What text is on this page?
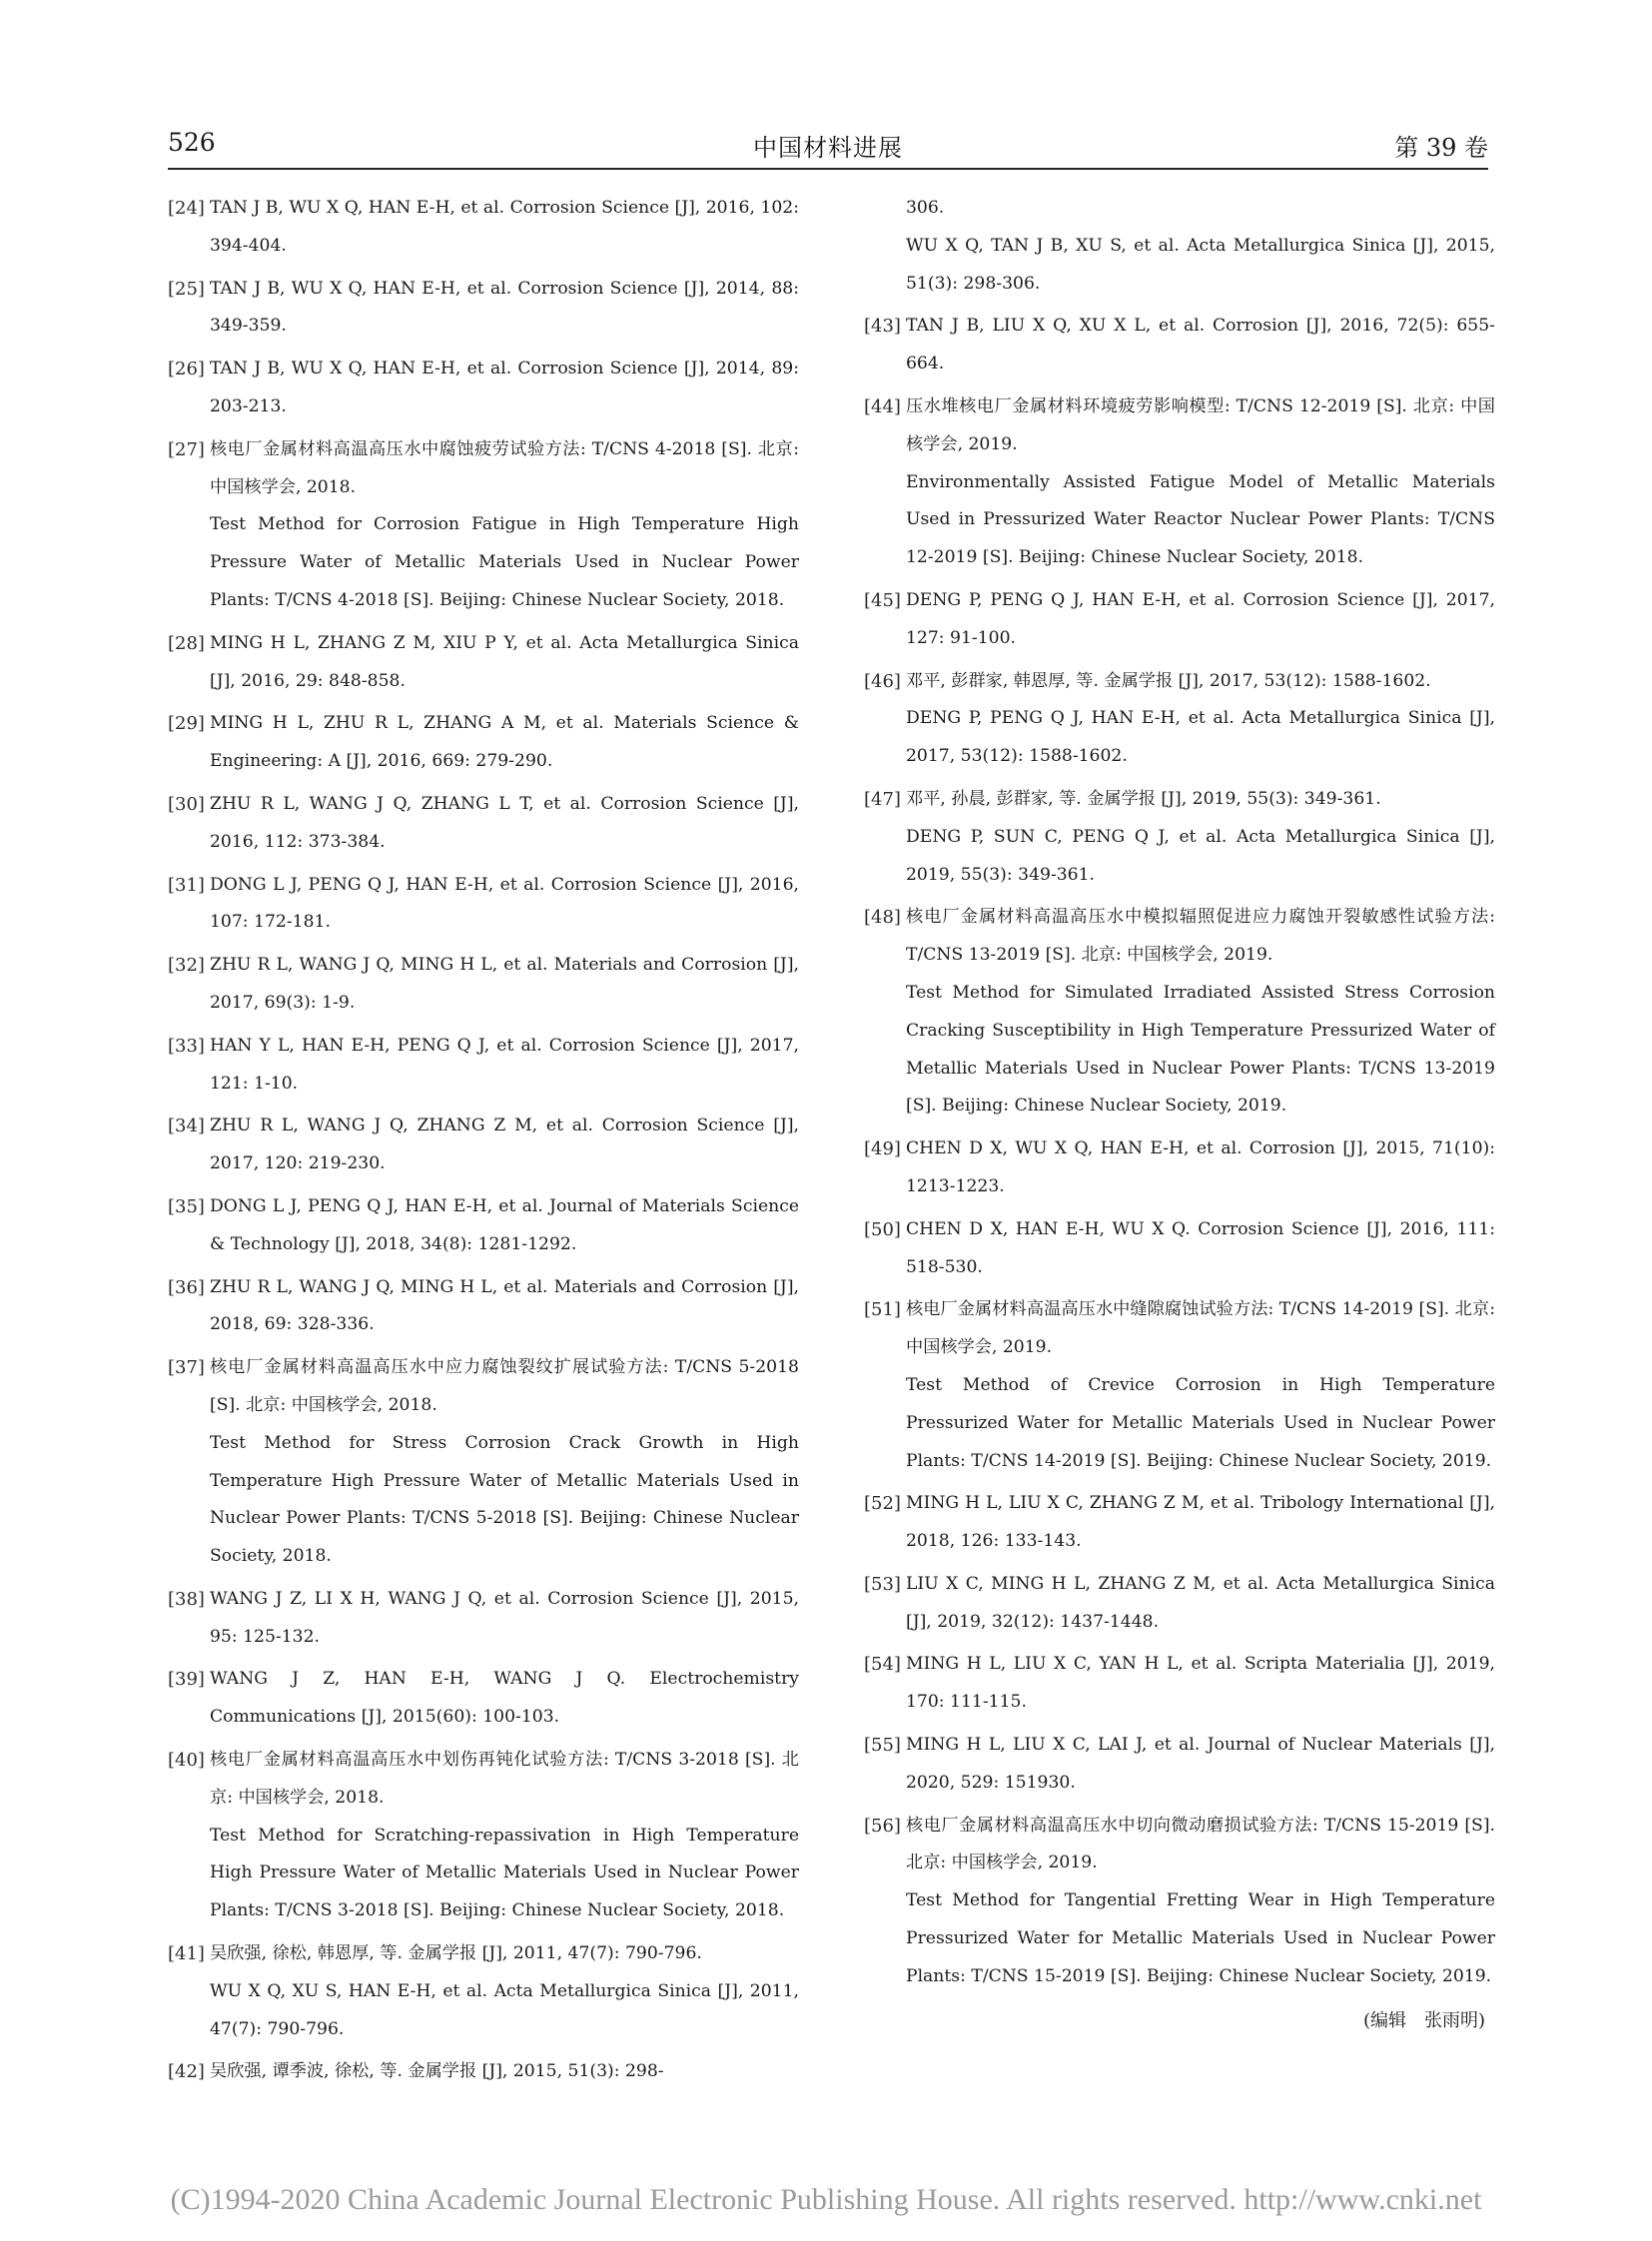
526	中国材料进展	第 39 卷
[24] TAN J B, WU X Q, HAN E-H, et al. Corrosion Science [J], 2016, 102: 394-404.

[25] TAN J B, WU X Q, HAN E-H, et al. Corrosion Science [J], 2014, 88: 349-359.

[26] TAN J B, WU X Q, HAN E-H, et al. Corrosion Science [J], 2014, 89: 203-213.

[27] 核电厂金属材料高温高压水中腐蚀疲劳试验方法: T/CNS 4-2018 [S]. 北京: 中国核学会, 2018.

Test Method for Corrosion Fatigue in High Temperature High Pressure Water of Metallic Materials Used in Nuclear Power Plants: T/CNS 4-2018 [S]. Beijing: Chinese Nuclear Society, 2018.

[28] MING H L, ZHANG Z M, XIU P Y, et al. Acta Metallurgica Sinica [J], 2016, 29: 848-858.

[29] MING H L, ZHU R L, ZHANG A M, et al. Materials Science & Engineering: A [J], 2016, 669: 279-290.

[30] ZHU R L, WANG J Q, ZHANG L T, et al. Corrosion Science [J], 2016, 112: 373-384.

[31] DONG L J, PENG Q J, HAN E-H, et al. Corrosion Science [J], 2016, 107: 172-181.

[32] ZHU R L, WANG J Q, MING H L, et al. Materials and Corrosion [J], 2017, 69(3): 1-9.

[33] HAN Y L, HAN E-H, PENG Q J, et al. Corrosion Science [J], 2017, 121: 1-10.

[34] ZHU R L, WANG J Q, ZHANG Z M, et al. Corrosion Science [J], 2017, 120: 219-230.

[35] DONG L J, PENG Q J, HAN E-H, et al. Journal of Materials Science & Technology [J], 2018, 34(8): 1281-1292.

[36] ZHU R L, WANG J Q, MING H L, et al. Materials and Corrosion [J], 2018, 69: 328-336.

[37] 核电厂金属材料高温高压水中应力腐蚀裂纹扩展试验方法: T/CNS 5-2018 [S]. 北京: 中国核学会, 2018.

Test Method for Stress Corrosion Crack Growth in High Temperature High Pressure Water of Metallic Materials Used in Nuclear Power Plants: T/CNS 5-2018 [S]. Beijing: Chinese Nuclear Society, 2018.

[38] WANG J Z, LI X H, WANG J Q, et al. Corrosion Science [J], 2015, 95: 125-132.

[39] WANG J Z, HAN E-H, WANG J Q. Electrochemistry Communications [J], 2015(60): 100-103.

[40] 核电厂金属材料高温高压水中划伤再钝化试验方法: T/CNS 3-2018 [S]. 北京: 中国核学会, 2018.

Test Method for Scratching-repassivation in High Temperature High Pressure Water of Metallic Materials Used in Nuclear Power Plants: T/CNS 3-2018 [S]. Beijing: Chinese Nuclear Society, 2018.

[41] 吴欣强, 徐松, 韩恩厚, 等. 金属学报 [J], 2011, 47(7): 790-796.

WU X Q, XU S, HAN E-H, et al. Acta Metallurgica Sinica [J], 2011, 47(7): 790-796.

[42] 吴欣强, 谭季波, 徐松, 等. 金属学报 [J], 2015, 51(3): 298-

306.

WU X Q, TAN J B, XU S, et al. Acta Metallurgica Sinica [J], 2015, 51(3): 298-306.

[43] TAN J B, LIU X Q, XU X L, et al. Corrosion [J], 2016, 72(5): 655-664.

[44] 压水堆核电厂金属材料环境疲劳影响模型: T/CNS 12-2019 [S]. 北京: 中国核学会, 2019.

Environmentally Assisted Fatigue Model of Metallic Materials Used in Pressurized Water Reactor Nuclear Power Plants: T/CNS 12-2019 [S]. Beijing: Chinese Nuclear Society, 2018.

[45] DENG P, PENG Q J, HAN E-H, et al. Corrosion Science [J], 2017, 127: 91-100.

[46] 邓平, 彭群家, 韩恩厚, 等. 金属学报 [J], 2017, 53(12): 1588-1602.

DENG P, PENG Q J, HAN E-H, et al. Acta Metallurgica Sinica [J], 2017, 53(12): 1588-1602.

[47] 邓平, 孙晨, 彭群家, 等. 金属学报 [J], 2019, 55(3): 349-361.

DENG P, SUN C, PENG Q J, et al. Acta Metallurgica Sinica [J], 2019, 55(3): 349-361.

[48] 核电厂金属材料高温高压水中模拟辐照促进应力腐蚀开裂敏感性试验方法: T/CNS 13-2019 [S]. 北京: 中国核学会, 2019.

Test Method for Simulated Irradiated Assisted Stress Corrosion Cracking Susceptibility in High Temperature Pressurized Water of Metallic Materials Used in Nuclear Power Plants: T/CNS 13-2019 [S]. Beijing: Chinese Nuclear Society, 2019.

[49] CHEN D X, WU X Q, HAN E-H, et al. Corrosion [J], 2015, 71(10): 1213-1223.

[50] CHEN D X, HAN E-H, WU X Q. Corrosion Science [J], 2016, 111: 518-530.

[51] 核电厂金属材料高温高压水中缝隙腐蚀试验方法: T/CNS 14-2019 [S]. 北京: 中国核学会, 2019.

Test Method of Crevice Corrosion in High Temperature Pressurized Water for Metallic Materials Used in Nuclear Power Plants: T/CNS 14-2019 [S]. Beijing: Chinese Nuclear Society, 2019.

[52] MING H L, LIU X C, ZHANG Z M, et al. Tribology International [J], 2018, 126: 133-143.

[53] LIU X C, MING H L, ZHANG Z M, et al. Acta Metallurgica Sinica [J], 2019, 32(12): 1437-1448.

[54] MING H L, LIU X C, YAN H L, et al. Scripta Materialia [J], 2019, 170: 111-115.

[55] MING H L, LIU X C, LAI J, et al. Journal of Nuclear Materials [J], 2020, 529: 151930.

[56] 核电厂金属材料高温高压水中切向微动磨损试验方法: T/CNS 15-2019 [S]. 北京: 中国核学会, 2019.

Test Method for Tangential Fretting Wear in High Temperature Pressurized Water for Metallic Materials Used in Nuclear Power Plants: T/CNS 15-2019 [S]. Beijing: Chinese Nuclear Society, 2019.

(编辑　张雨明)
(C)1994-2020 China Academic Journal Electronic Publishing House. All rights reserved. http://www.cnki.net
